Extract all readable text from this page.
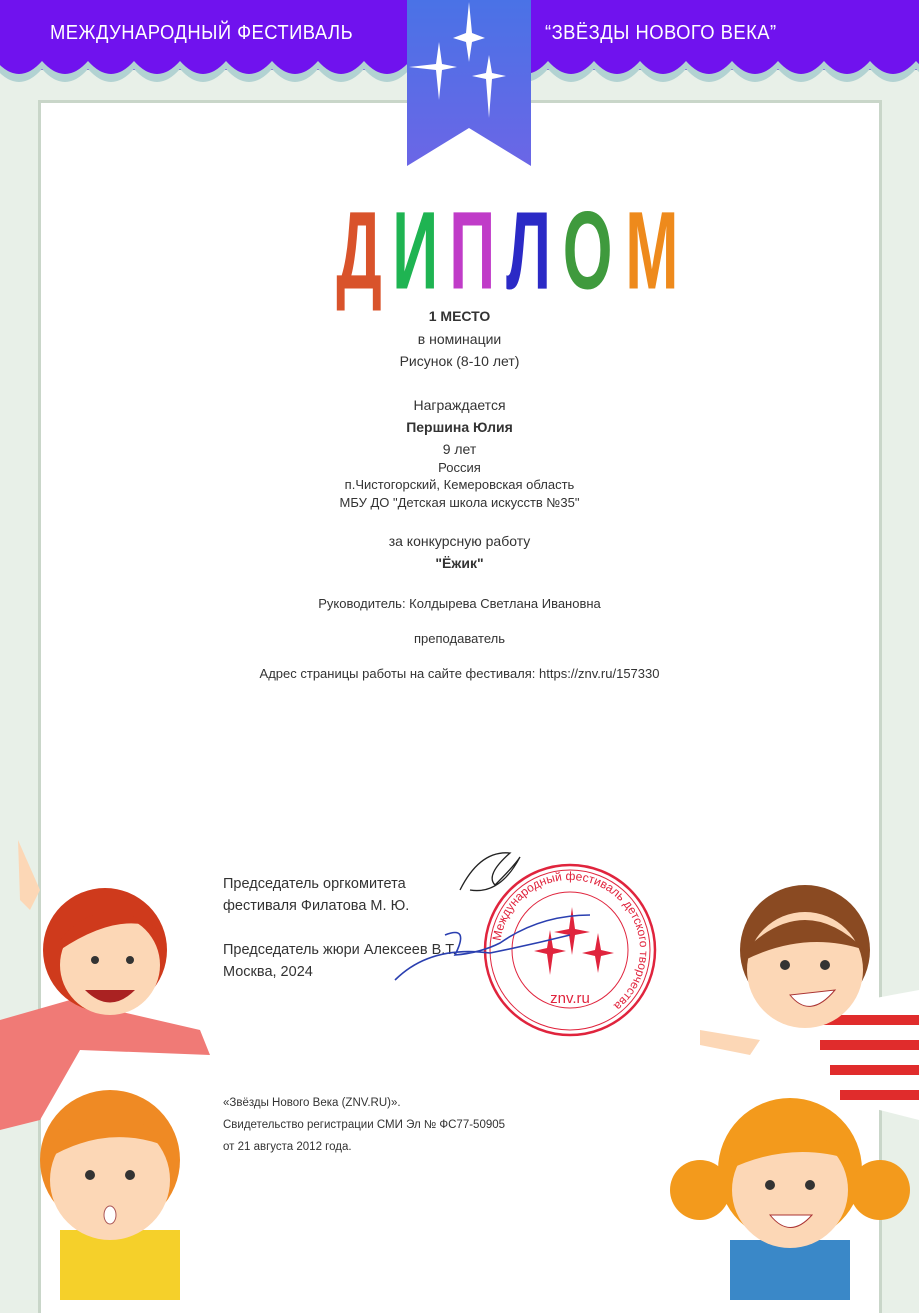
МЕЖДУНАРОДНЫЙ ФЕСТИВАЛЬ	“ЗВЁЗДЫ НОВОГО ВЕКА”
Д И П Л О М
1 МЕСТО
в номинации
Рисунок (8-10 лет)
Награждается
Першина Юлия
9 лет
Россия
п.Чистогорский, Кемеровская область
МБУ ДО "Детская школа искусств №35"
за конкурсную работу
"Ёжик"
Руководитель: Колдырева Светлана Ивановна
преподаватель
Адрес страницы работы на сайте фестиваля: https://znv.ru/157330
Председатель оргкомитета
фестиваля Филатова М. Ю.
Председатель жюри Алексеев В.Т.
Москва, 2024
znv.ru
Международный фестиваль детского творчества
«Звёзды Нового Века (ZNV.RU)».
Свидетельство регистрации СМИ Эл № ФС77-50905
от 21 августа 2012 года.
